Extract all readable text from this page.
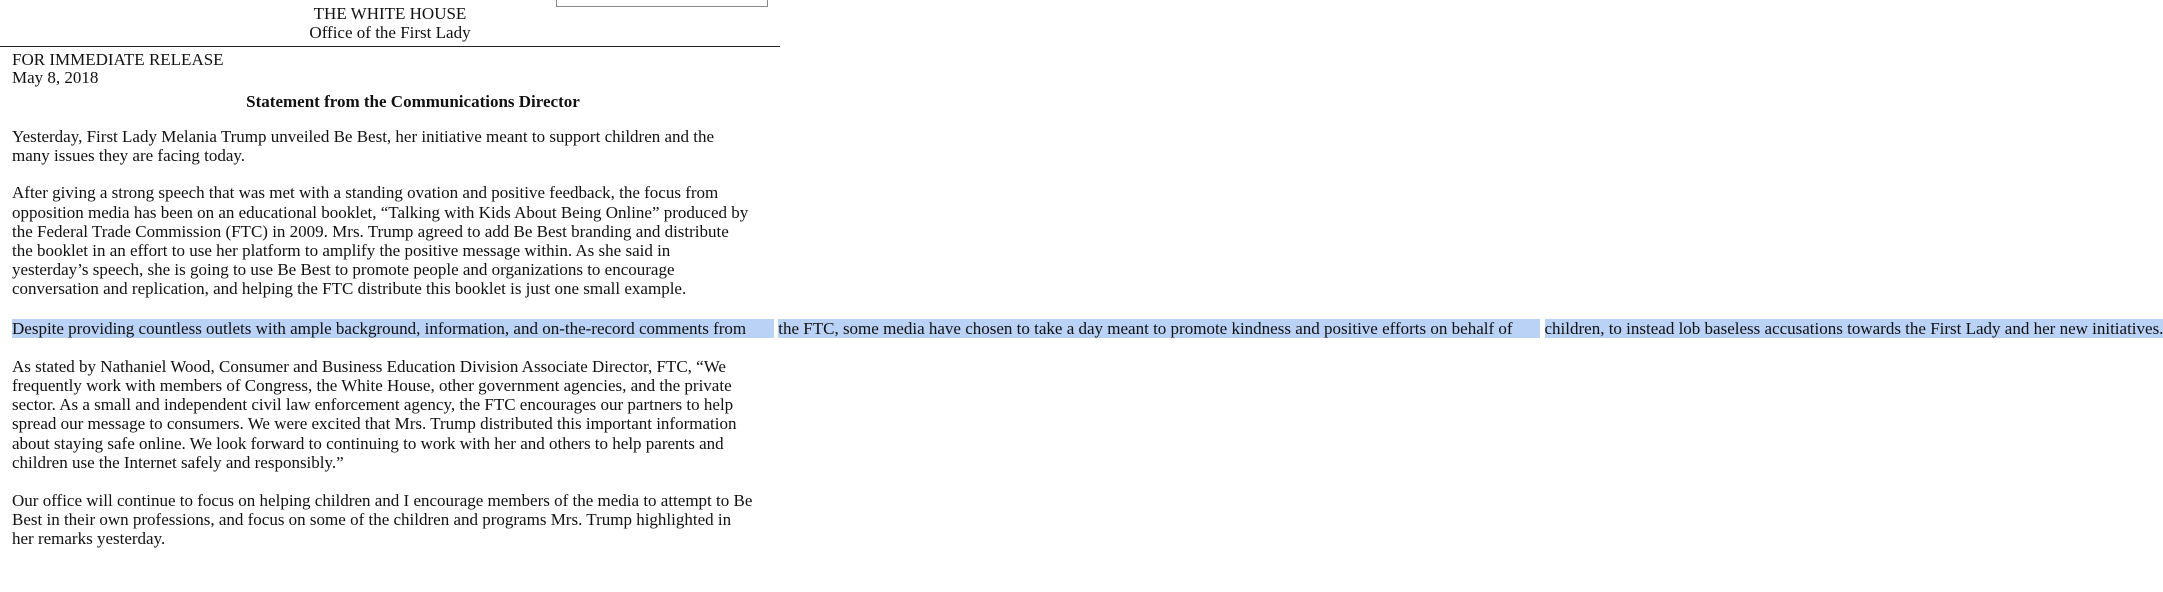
THE WHITE HOUSE
Office of the First Lady
FOR IMMEDIATE RELEASE
May 8, 2018
Statement from the Communications Director

Yesterday, First Lady Melania Trump unveiled Be Best, her initiative meant to support children and the
many issues they are facing today.

After giving a strong speech that was met with a standing ovation and positive feedback, the focus from
opposition media has been on an educational booklet, “Talking with Kids About Being Online” produced by
the Federal Trade Commission (FTC) in 2009. Mrs. Trump agreed to add Be Best branding and distribute
the booklet in an effort to use her platform to amplify the positive message within. As she said in
yesterday’s speech, she is going to use Be Best to promote people and organizations to encourage
conversation and replication, and helping the FTC distribute this booklet is just one small example.

Despite providing countless outlets with ample background, information, and on-the-record comments from the FTC, some media have chosen to take a day meant to promote kindness and positive efforts on behalf of children, to instead lob baseless accusations towards the First Lady and her new initiatives.

As stated by Nathaniel Wood, Consumer and Business Education Division Associate Director, FTC, “We
frequently work with members of Congress, the White House, other government agencies, and the private
sector. As a small and independent civil law enforcement agency, the FTC encourages our partners to help
spread our message to consumers. We were excited that Mrs. Trump distributed this important information
about staying safe online. We look forward to continuing to work with her and others to help parents and
children use the Internet safely and responsibly.”

Our office will continue to focus on helping children and I encourage members of the media to attempt to Be
Best in their own professions, and focus on some of the children and programs Mrs. Trump highlighted in
her remarks yesterday.
